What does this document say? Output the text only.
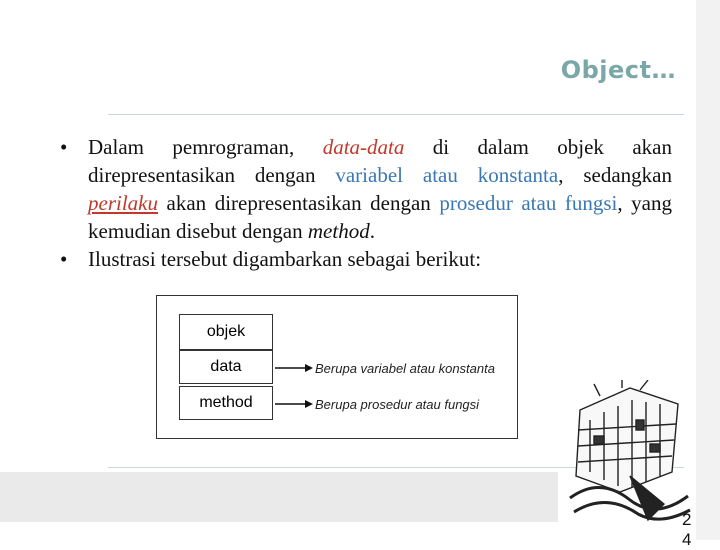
Object…
• Dalam pemrograman, data-data di dalam objek akan direpresentasikan dengan variabel atau konstanta, sedangkan perilaku akan direpresentasikan dengan prosedur atau fungsi, yang kemudian disebut dengan method.
• Ilustrasi tersebut digambarkan sebagai berikut:
objek
data
method
Berupa variabel atau konstanta
Berupa prosedur atau fungsi
2
4
